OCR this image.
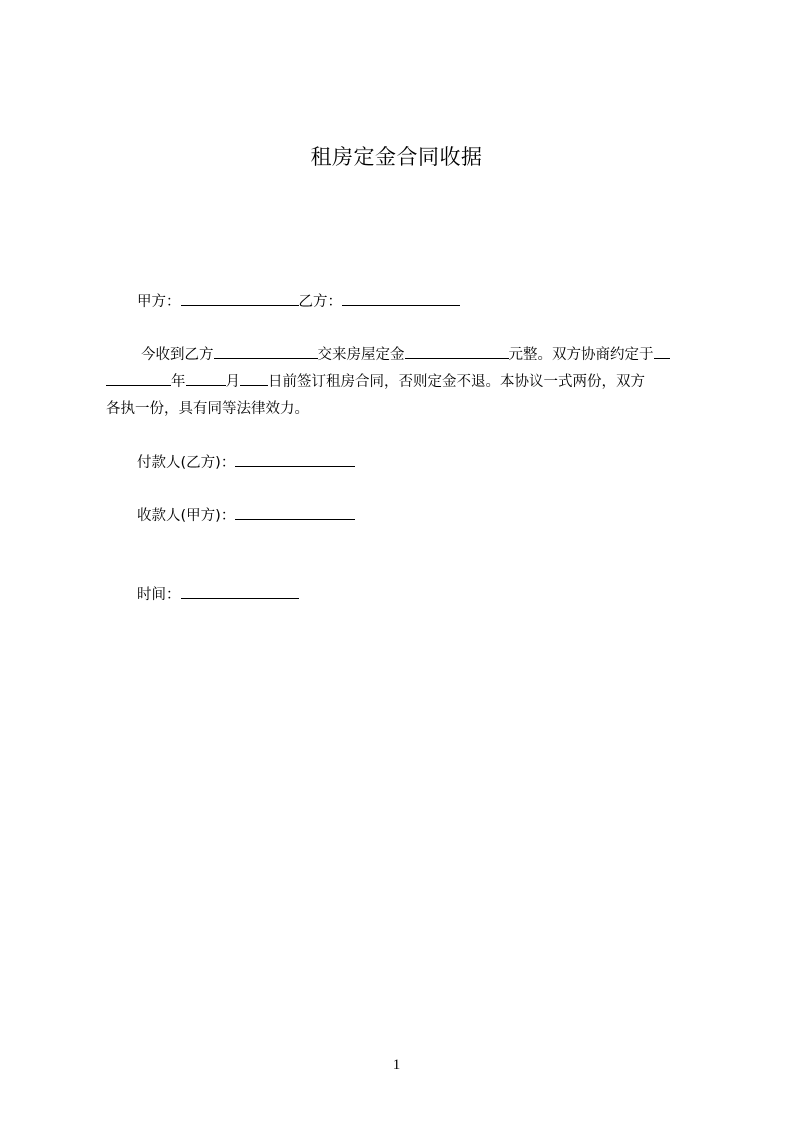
租房定金合同收据
甲方：	乙方：
今收到乙方	交来房屋定金	元整。双方协商约定于
年	月 日前签订租房合同，否则定金不退。本协议一式两份，双方
各执一份，具有同等法律效力。
付款人(乙方)：
收款人(甲方)：
时间：
1
